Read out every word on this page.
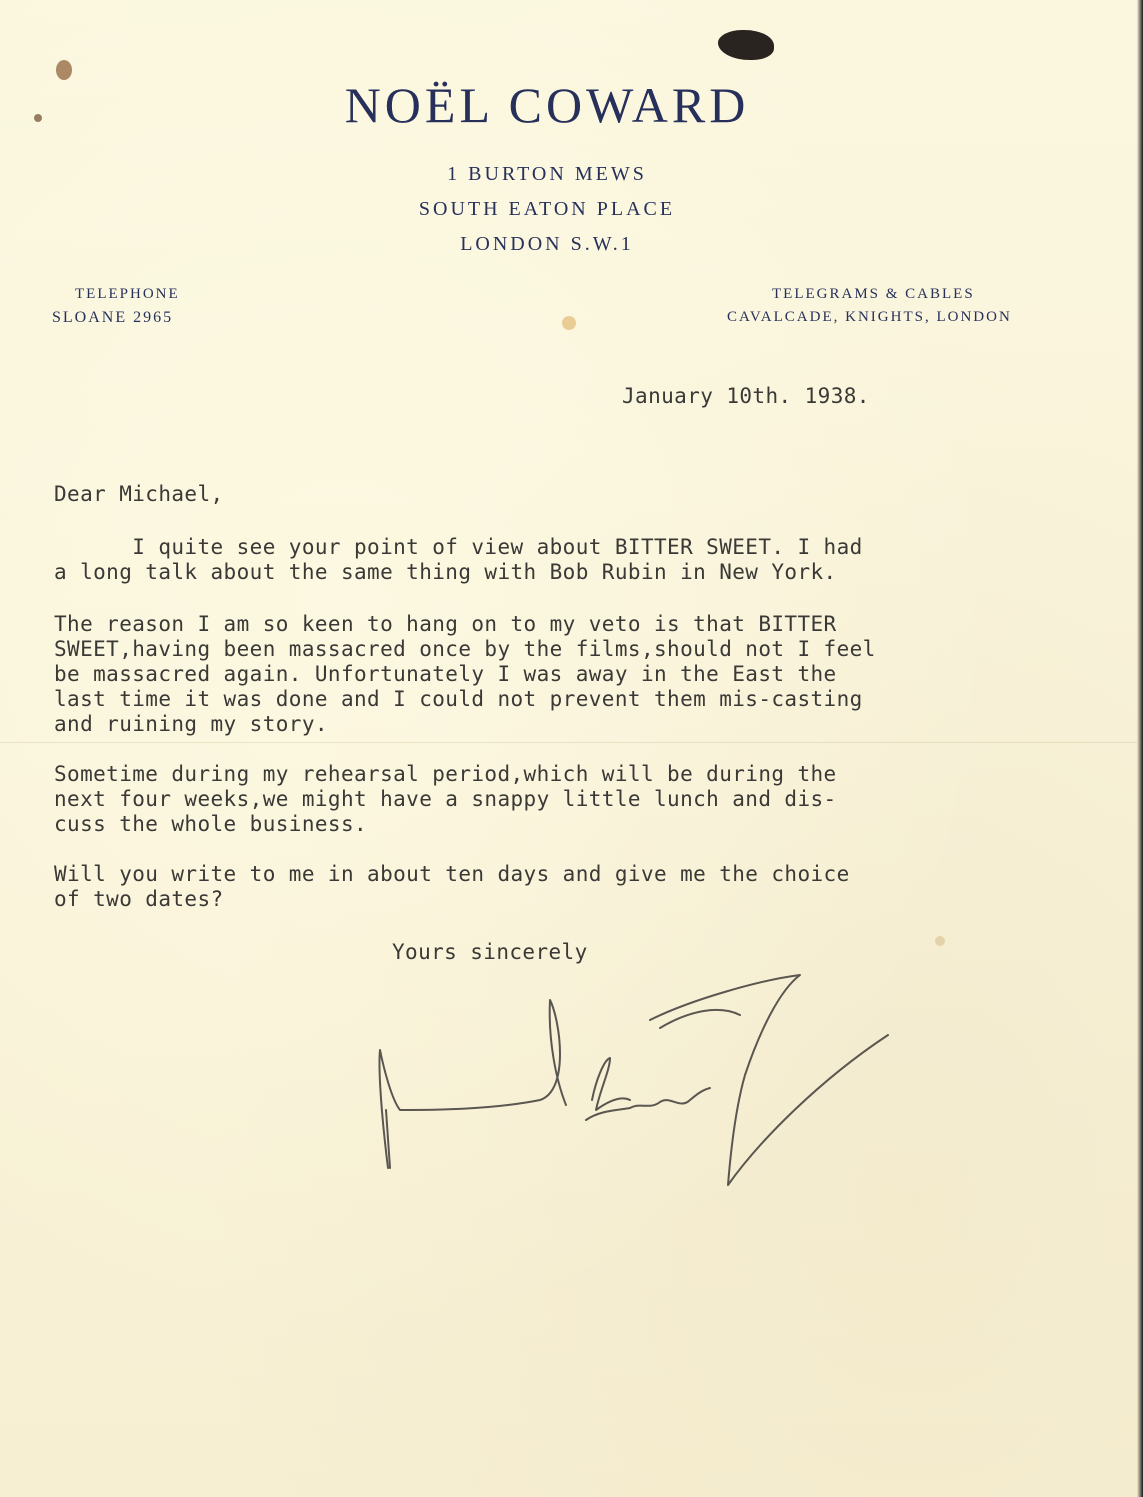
NOËL COWARD
1 BURTON MEWS
SOUTH EATON PLACE
LONDON S.W.1
TELEPHONE
SLOANE 2965
TELEGRAMS & CABLES
CAVALCADE, KNIGHTS, LONDON
January 10th. 1938.
Dear Michael,
I quite see your point of view about BITTER SWEET. I had
a long talk about the same thing with Bob Rubin in New York.
The reason I am so keen to hang on to my veto is that BITTER
SWEET,having been massacred once by the films,should not I feel
be massacred again. Unfortunately I was away in the East the
last time it was done and I could not prevent them mis-casting
and ruining my story.
Sometime during my rehearsal period,which will be during the
next four weeks,we might have a snappy little lunch and dis-
cuss the whole business.
Will you write to me in about ten days and give me the choice
of two dates?
Yours sincerely
